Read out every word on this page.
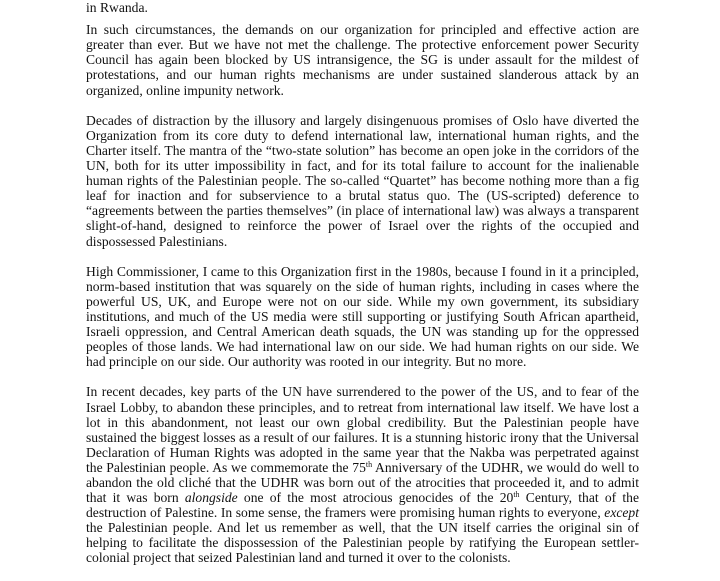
in Rwanda.

In such circumstances, the demands on our organization for principled and effective action are greater than ever. But we have not met the challenge. The protective enforcement power Security Council has again been blocked by US intransigence, the SG is under assault for the mildest of protestations, and our human rights mechanisms are under sustained slanderous attack by an organized, online impunity network.

Decades of distraction by the illusory and largely disingenuous promises of Oslo have diverted the Organization from its core duty to defend international law, international human rights, and the Charter itself. The mantra of the “two-state solution” has become an open joke in the corridors of the UN, both for its utter impossibility in fact, and for its total failure to account for the inalienable human rights of the Palestinian people. The so-called “Quartet” has become nothing more than a fig leaf for inaction and for subservience to a brutal status quo. The (US-scripted) deference to “agreements between the parties themselves” (in place of international law) was always a transparent slight-of-hand, designed to reinforce the power of Israel over the rights of the occupied and dispossessed Palestinians.

High Commissioner, I came to this Organization first in the 1980s, because I found in it a principled, norm-based institution that was squarely on the side of human rights, including in cases where the powerful US, UK, and Europe were not on our side. While my own government, its subsidiary institutions, and much of the US media were still supporting or justifying South African apartheid, Israeli oppression, and Central American death squads, the UN was standing up for the oppressed peoples of those lands. We had international law on our side. We had human rights on our side. We had principle on our side. Our authority was rooted in our integrity. But no more.

In recent decades, key parts of the UN have surrendered to the power of the US, and to fear of the Israel Lobby, to abandon these principles, and to retreat from international law itself. We have lost a lot in this abandonment, not least our own global credibility. But the Palestinian people have sustained the biggest losses as a result of our failures. It is a stunning historic irony that the Universal Declaration of Human Rights was adopted in the same year that the Nakba was perpetrated against the Palestinian people. As we commemorate the 75th Anniversary of the UDHR, we would do well to abandon the old cliché that the UDHR was born out of the atrocities that proceeded it, and to admit that it was born alongside one of the most atrocious genocides of the 20th Century, that of the destruction of Palestine. In some sense, the framers were promising human rights to everyone, except the Palestinian people. And let us remember as well, that the UN itself carries the original sin of helping to facilitate the dispossession of the Palestinian people by ratifying the European settler-colonial project that seized Palestinian land and turned it over to the colonists.
